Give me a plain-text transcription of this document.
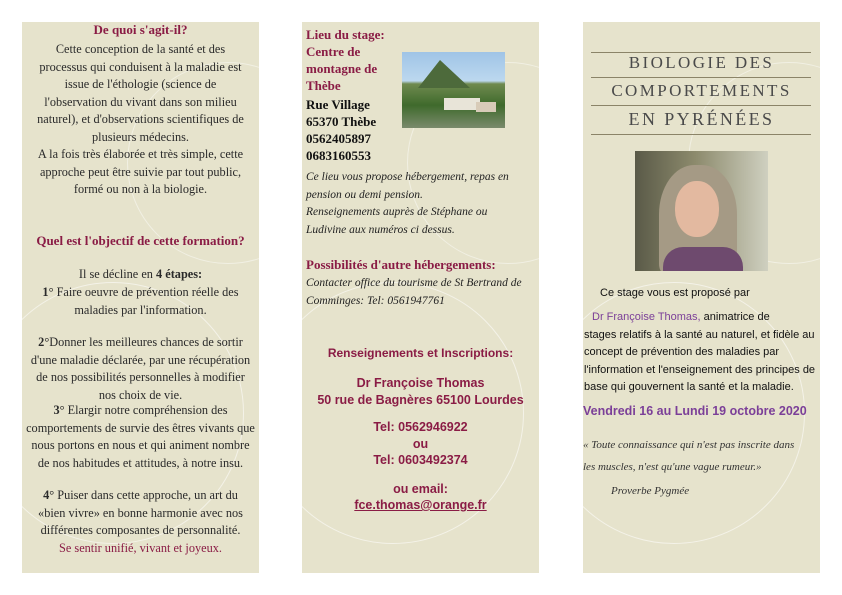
De quoi s'agit-il?
Cette conception de la santé et des
processus qui conduisent à la maladie est
issue de l'éthologie (science de
l'observation du vivant dans son milieu
naturel), et d'observations scientifiques de
plusieurs médecins.
A la fois très élaborée et très simple, cette
approche peut être suivie par tout public,
formé ou non à la biologie.
Quel est l'objectif de cette formation?
Il se décline en 4 étapes:
1° Faire oeuvre de prévention réelle des
maladies par l'information.
2°Donner les meilleures chances de sortir
d'une maladie déclarée, par une récupération
de nos possibilités personnelles à modifier
nos choix de vie.
3° Elargir notre compréhension des
comportements de survie des êtres vivants que
nous portons en nous et qui animent nombre
de nos habitudes et attitudes, à notre insu.
4° Puiser dans cette approche, un art du
«bien vivre» en bonne harmonie avec nos
différentes composantes de personnalité.
Se sentir unifié, vivant et joyeux.
Lieu du stage:
Centre de
montagne de
Thèbe
Rue Village
65370 Thèbe
0562405897
0683160553
Ce lieu vous propose hébergement, repas en
pension ou demi pension.
Renseignements auprès de Stéphane ou
Ludivine aux numéros ci dessus.
Possibilités d'autre hébergements:
Contacter office du tourisme de St Bertrand de
Comminges: Tel: 0561947761
Renseignements et Inscriptions:
Dr Françoise Thomas
50 rue de Bagnères 65100 Lourdes
Tel: 0562946922
ou
Tel: 0603492374
ou email:
fce.thomas@orange.fr
BIOLOGIE DES
COMPORTEMENTS
EN PYRÉNÉES
Ce stage vous est proposé par
Dr Françoise Thomas, animatrice de
stages relatifs à la santé au naturel, et fidèle au
concept de prévention des maladies par
l'information et l'enseignement des principes de
base qui gouvernent la santé et la maladie.
Vendredi 16 au Lundi 19 octobre 2020
« Toute connaissance qui n'est pas inscrite dans
les muscles, n'est qu'une vague rumeur.»
Proverbe Pygmée
